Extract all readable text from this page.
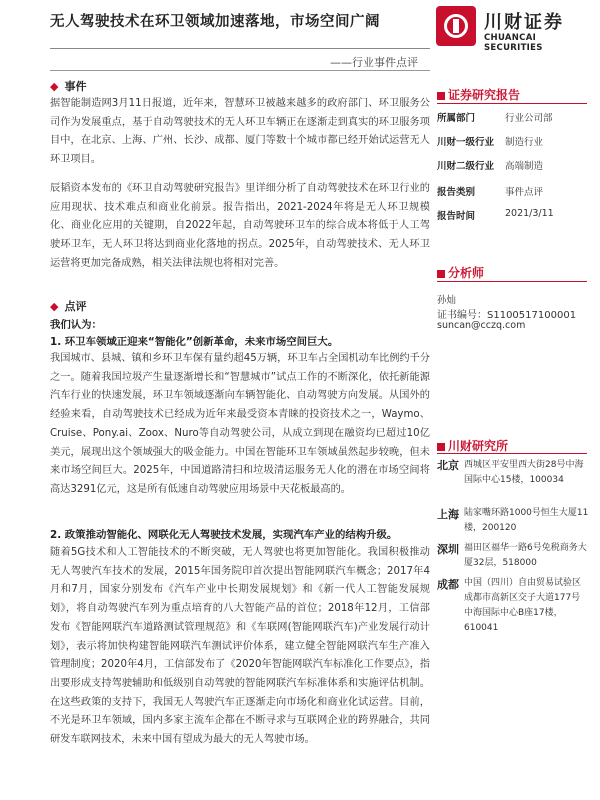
无人驾驶技术在环卫领域加速落地，市场空间广阔	川财证券
CHUANCAI SECURITIES
——行业事件点评
◆ 事件
据智能制造网3月11日报道，近年来，智慧环卫被越来越多的政府部门、环卫服务公司作为发展重点，基于自动驾驶技术的无人环卫车辆正在逐渐走到真实的环卫服务项目中，在北京、上海、广州、长沙、成都、厦门等数十个城市都已经开始试运营无人环卫项目。
辰韬资本发布的《环卫自动驾驶研究报告》里详细分析了自动驾驶技术在环卫行业的应用现状、技术难点和商业化前景。报告指出，2021-2024年将是无人环卫规模化、商业化应用的关键期，自2022年起，自动驾驶环卫车的综合成本将低于人工驾驶环卫车，无人环卫将达到商业化落地的拐点。2025年，自动驾驶技术、无人环卫运营将更加完备成熟，相关法律法规也将相对完善。
◆ 点评
我们认为：
1. 环卫车领域正迎来“智能化”创新革命，未来市场空间巨大。
我国城市、县城、镇和乡环卫车保有量约超45万辆，环卫车占全国机动车比例约千分之一。随着我国垃圾产生量逐渐增长和“智慧城市”试点工作的不断深化，依托新能源汽车行业的快速发展，环卫车领域逐渐向车辆智能化、自动驾驶方向发展。从国外的经验来看，自动驾驶技术已经成为近年来最受资本青睐的投资技术之一，Waymo、Cruise、Pony.ai、Zoox、Nuro等自动驾驶公司，从成立到现在融资均已超过10亿美元，展现出这个领域强大的吸金能力。中国在智能环卫车领域虽然起步较晚，但未来市场空间巨大。2025年，中国道路清扫和垃圾清运服务无人化的潜在市场空间将高达3291亿元，这是所有低速自动驾驶应用场景中天花板最高的。
2. 政策推动智能化、网联化无人驾驶技术发展，实现汽车产业的结构升级。
随着5G技术和人工智能技术的不断突破，无人驾驶也将更加智能化。我国积极推动无人驾驶汽车技术的发展，2015年国务院印首次提出智能网联汽车概念；2017年4月和7月，国家分别发布《汽车产业中长期发展规划》和《新一代人工智能发展规划》，将自动驾驶汽车列为重点培育的八大智能产品的首位；2018年12月，工信部发布《智能网联汽车道路测试管理规范》和《车联网(智能网联汽车)产业发展行动计划》，表示将加快构建智能网联汽车测试评价体系，建立健全智能网联汽车生产准入管理制度；2020年4月，工信部发布了《2020年智能网联汽车标准化工作要点》，指出要形成支持驾驶辅助和低级别自动驾驶的智能网联汽车标准体系和实施评估机制。在这些政策的支持下，我国无人驾驶汽车正逐渐走向市场化和商业化试运营。目前，不光是环卫车领域，国内多家主流车企都在不断寻求与互联网企业的跨界融合，共同研发车联网技术，未来中国有望成为最大的无人驾驶市场。
证券研究报告
所属部门	行业公司部
川财一级行业 制造行业
川财二级行业 高端制造
报告类别	事件点评
报告时间	2021/3/11
分析师
孙灿
证书编号：S1100517100001
suncan@cczq.com
川财研究所
北京 西城区平安里西大街28号中海国际中心15楼，100034
上海 陆家嘴环路1000号恒生大厦11楼，200120
深圳 福田区福华一路6号免税商务大厦32层，518000
成都 中国（四川）自由贸易试验区成都市高新区交子大道177号中海国际中心B座17楼，610041
